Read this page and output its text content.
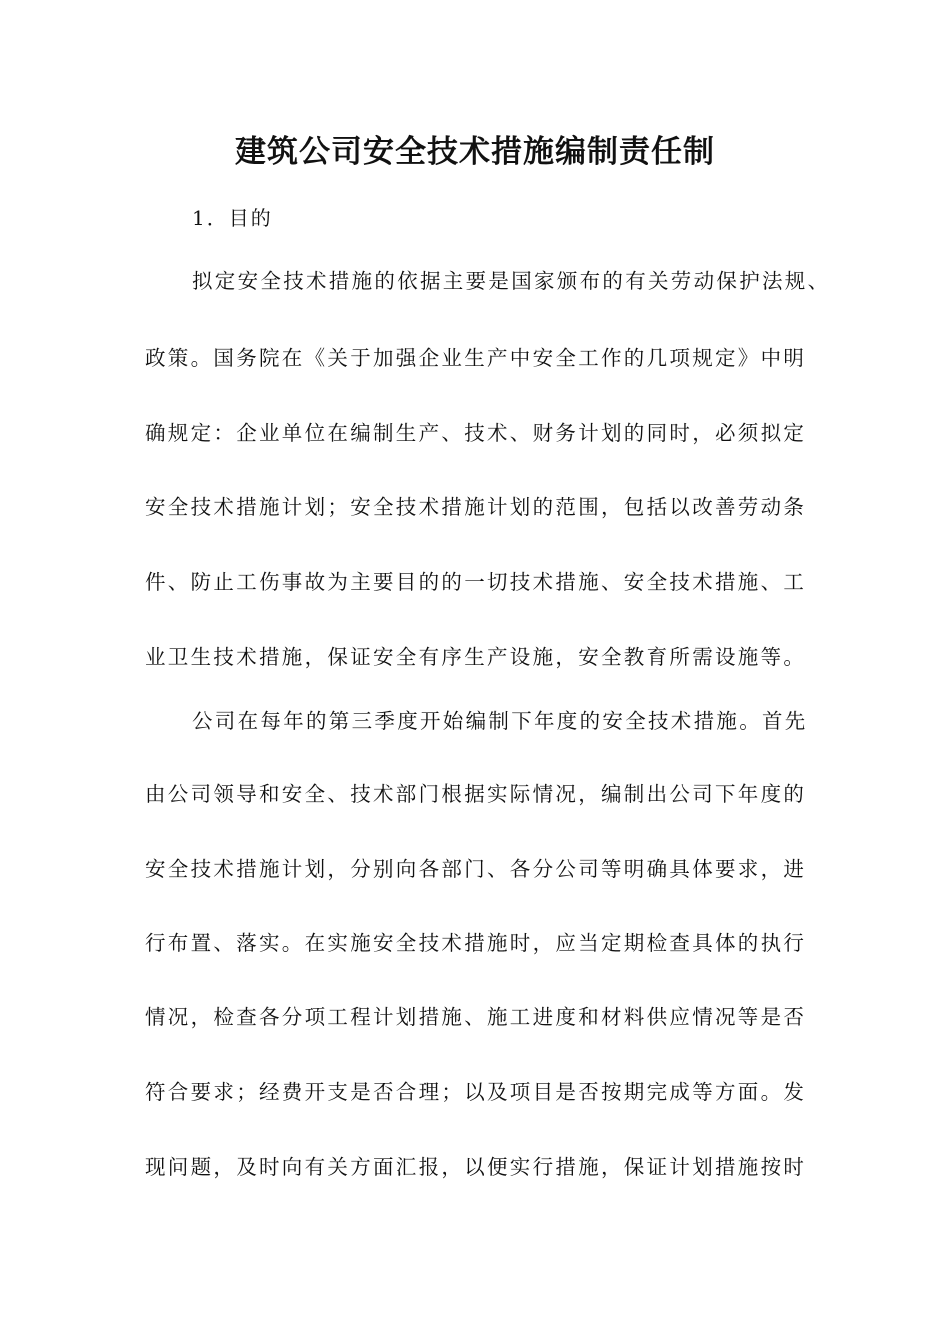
建筑公司安全技术措施编制责任制
1．目的
拟定安全技术措施的依据主要是国家颁布的有关劳动保护法规、
政策。国务院在《关于加强企业生产中安全工作的几项规定》中明
确规定：企业单位在编制生产、技术、财务计划的同时，必须拟定
安全技术措施计划；安全技术措施计划的范围，包括以改善劳动条
件、防止工伤事故为主要目的的一切技术措施、安全技术措施、工
业卫生技术措施，保证安全有序生产设施，安全教育所需设施等。
公司在每年的第三季度开始编制下年度的安全技术措施。首先
由公司领导和安全、技术部门根据实际情况，编制出公司下年度的
安全技术措施计划，分别向各部门、各分公司等明确具体要求，进
行布置、落实。在实施安全技术措施时，应当定期检查具体的执行
情况，检查各分项工程计划措施、施工进度和材料供应情况等是否
符合要求；经费开支是否合理；以及项目是否按期完成等方面。发
现问题，及时向有关方面汇报，以便实行措施，保证计划措施按时
